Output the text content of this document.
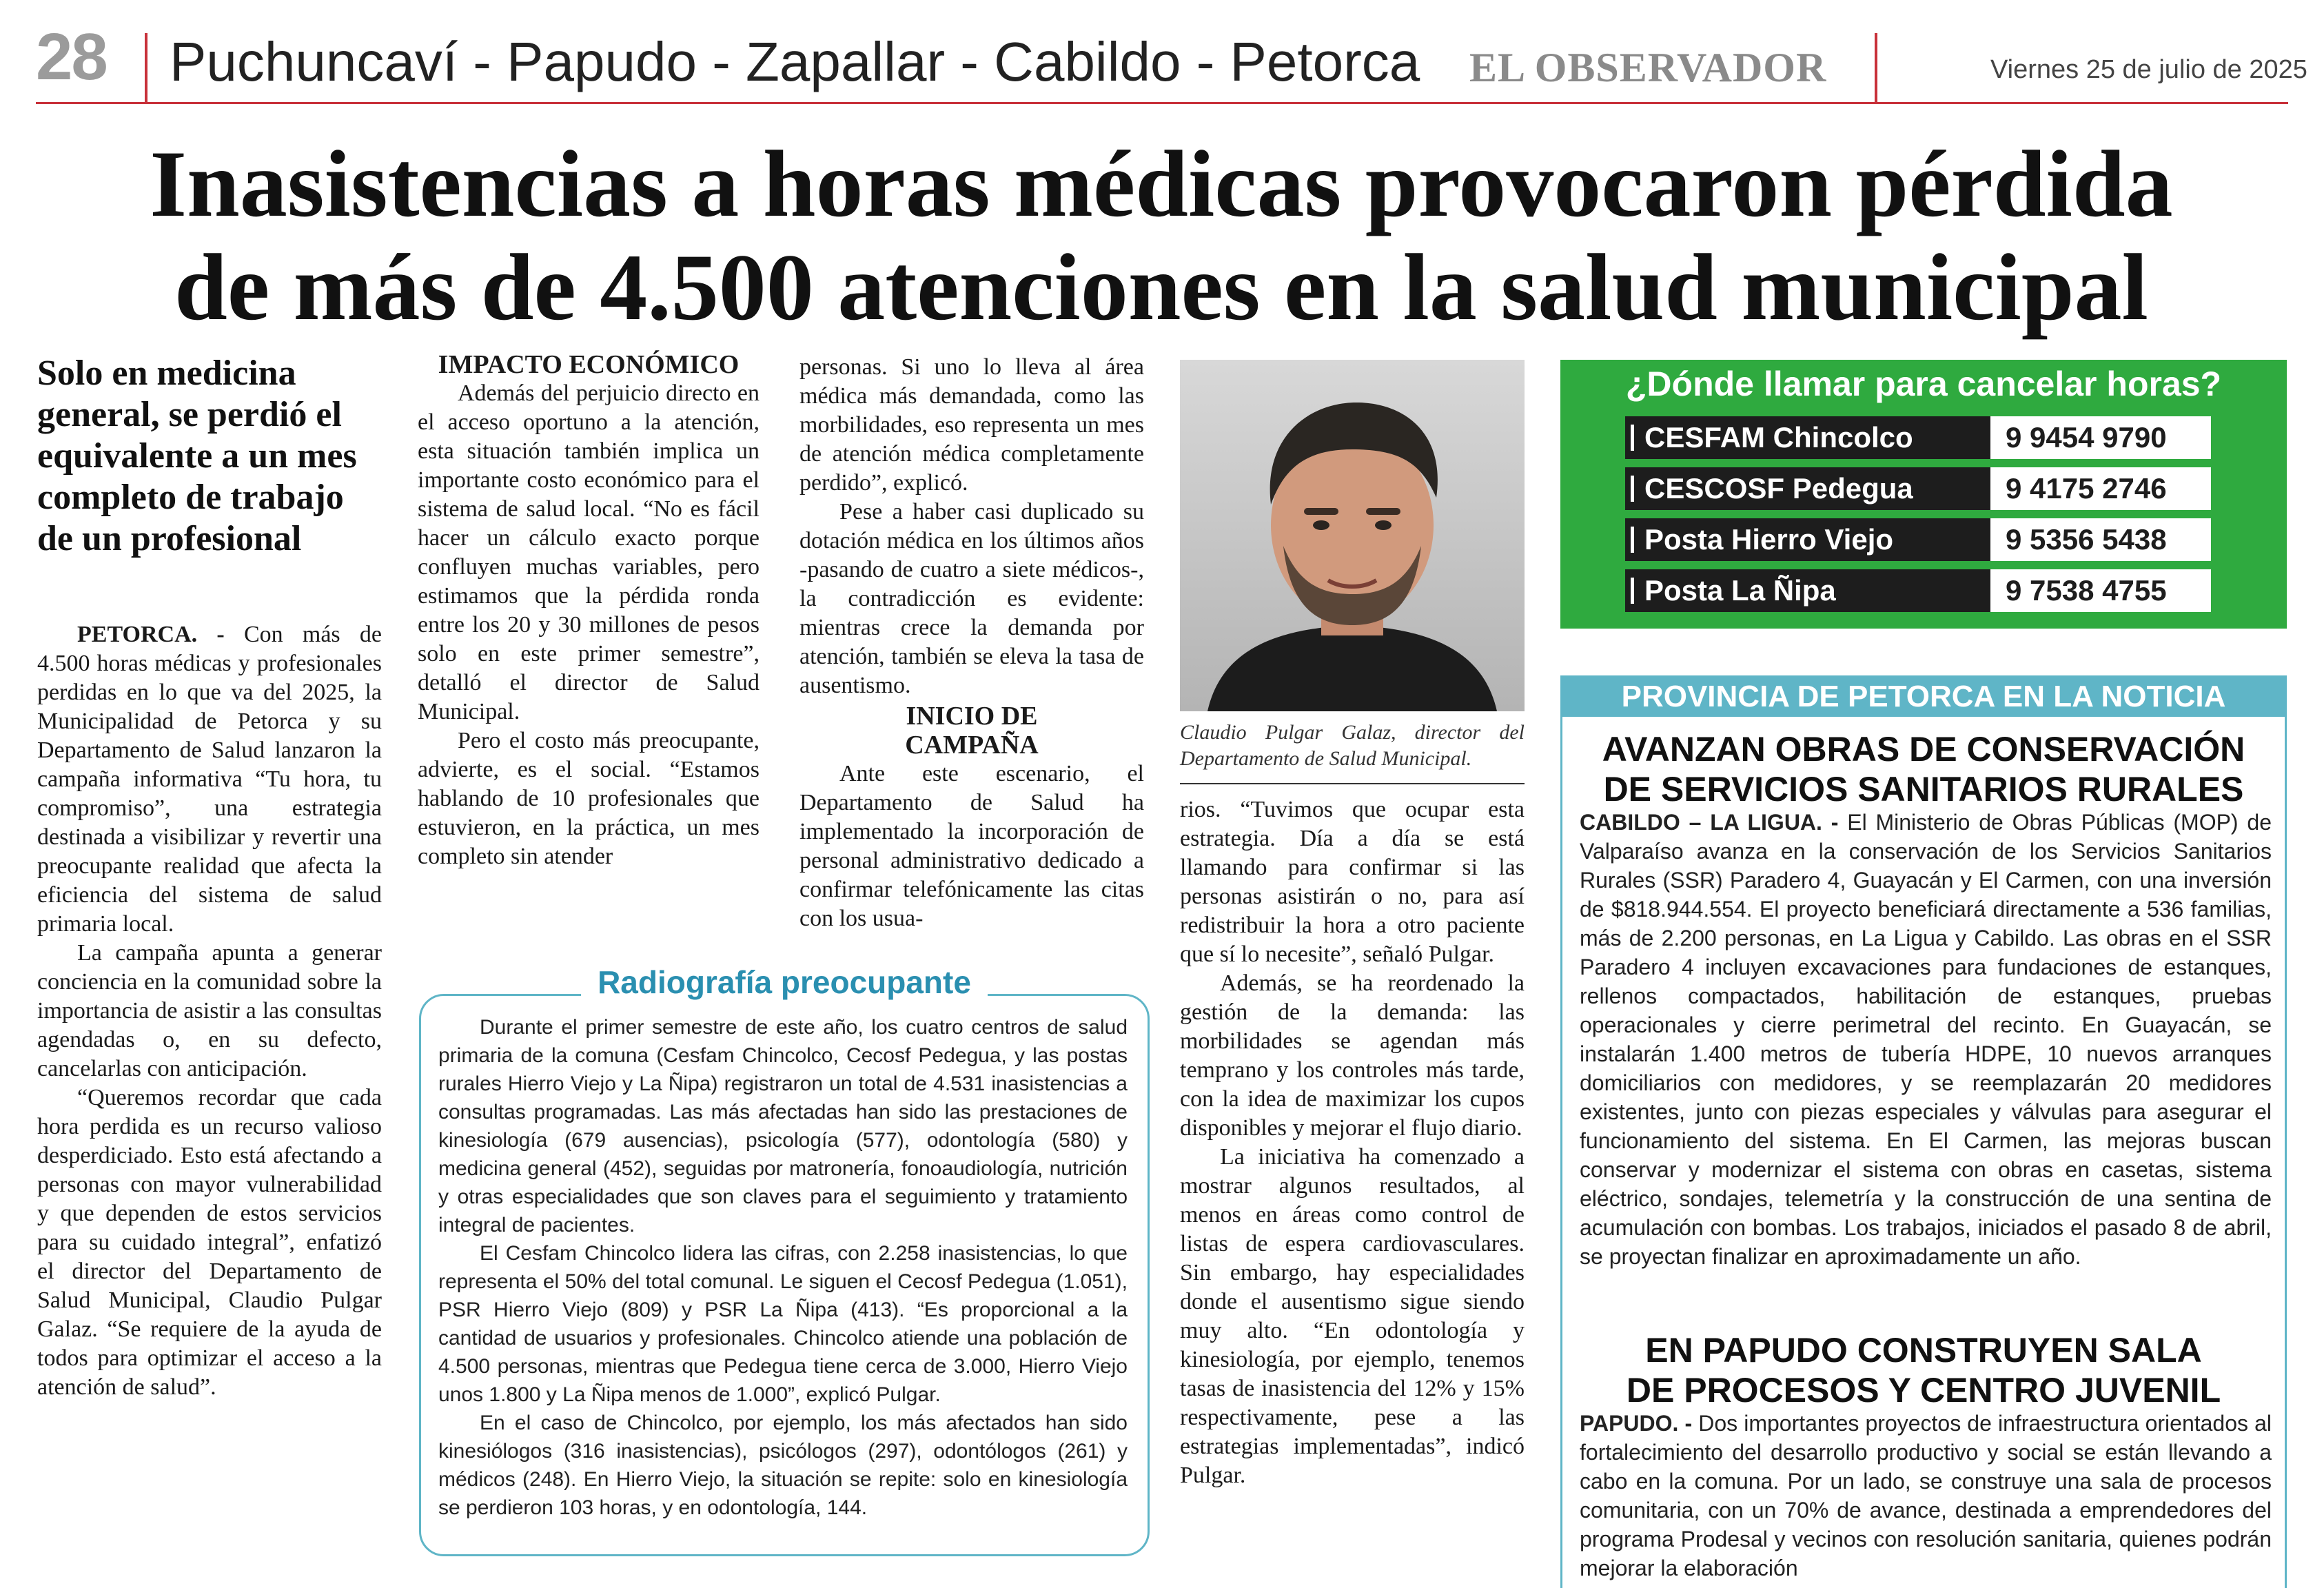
28 Puchuncaví - Papudo - Zapallar - Cabildo - Petorca EL OBSERVADOR	Viernes 25 de julio de 2025
Inasistencias a horas médicas provocaron pérdida
de más de 4.500 atenciones en la salud municipal
Solo en medicina general, se perdió el equivalente a un mes completo de trabajo de un profesional

PETORCA. - Con más de 4.500 horas médicas y profesionales perdidas en lo que va del 2025, la Municipalidad de Petorca y su Departamento de Salud lanzaron la campaña informativa “Tu hora, tu compromiso”, una estrategia destinada a visibilizar y revertir una preocupante realidad que afecta la eficiencia del sistema de salud primaria local.

La campaña apunta a generar conciencia en la comunidad sobre la importancia de asistir a las consultas agendadas o, en su defecto, cancelarlas con anticipación.

“Queremos recordar que cada hora perdida es un recurso valioso desperdiciado. Esto está afectando a personas con mayor vulnerabilidad y que dependen de estos servicios para su cuidado integral”, enfatizó el director del Departamento de Salud Municipal, Claudio Pulgar Galaz. “Se requiere de la ayuda de todos para optimizar el acceso a la atención de salud”.

IMPACTO ECONÓMICO

Además del perjuicio directo en el acceso oportuno a la atención, esta situación también implica un importante costo económico para el sistema de salud local. “No es fácil hacer un cálculo exacto porque confluyen muchas variables, pero estimamos que la pérdida ronda entre los 20 y 30 millones de pesos solo en este primer semestre”, detalló el director de Salud Municipal.

Pero el costo más preocupante, advierte, es el social. “Estamos hablando de 10 profesionales que estuvieron, en la práctica, un mes completo sin atender

personas. Si uno lo lleva al área médica más demandada, como las morbilidades, eso representa un mes de atención médica completamente perdido”, explicó.

Pese a haber casi duplicado su dotación médica en los últimos años -pasando de cuatro a siete médicos-, la contradicción es evidente: mientras crece la demanda por atención, también se eleva la tasa de ausentismo.

INICIO DE CAMPAÑA

Ante este escenario, el Departamento de Salud ha implementado la incorporación de personal administrativo dedicado a confirmar telefónicamente las citas con los usua-

Claudio Pulgar Galaz, director del Departamento de Salud Municipal.

rios. “Tuvimos que ocupar esta estrategia. Día a día se está llamando para confirmar si las personas asistirán o no, para así redistribuir la hora a otro paciente que sí lo necesite”, señaló Pulgar.

Además, se ha reordenado la gestión de la demanda: las morbilidades se agendan más temprano y los controles más tarde, con la idea de maximizar los cupos disponibles y mejorar el flujo diario.

La iniciativa ha comenzado a mostrar algunos resultados, al menos en áreas como control de listas de espera cardiovasculares. Sin embargo, hay especialidades donde el ausentismo sigue siendo muy alto. “En odontología y kinesiología, por ejemplo, tenemos tasas de inasistencia del 12% y 15% respectivamente, pese a las estrategias implementadas”, indicó Pulgar.

Radiografía preocupante

Durante el primer semestre de este año, los cuatro centros de salud primaria de la comuna (Cesfam Chincolco, Cecosf Pedegua, y las postas rurales Hierro Viejo y La Ñipa) registraron un total de 4.531 inasistencias a consultas programadas. Las más afectadas han sido las prestaciones de kinesiología (679 ausencias), psicología (577), odontología (580) y medicina general (452), seguidas por matronería, fonoaudiología, nutrición y otras especialidades que son claves para el seguimiento y tratamiento integral de pacientes.

El Cesfam Chincolco lidera las cifras, con 2.258 inasistencias, lo que representa el 50% del total comunal. Le siguen el Cecosf Pedegua (1.051), PSR Hierro Viejo (809) y PSR La Ñipa (413). “Es proporcional a la cantidad de usuarios y profesionales. Chincolco atiende una población de 4.500 personas, mientras que Pedegua tiene cerca de 3.000, Hierro Viejo unos 1.800 y La Ñipa menos de 1.000”, explicó Pulgar.

En el caso de Chincolco, por ejemplo, los más afectados han sido kinesiólogos (316 inasistencias), psicólogos (297), odontólogos (261) y médicos (248). En Hierro Viejo, la situación se repite: solo en kinesiología se perdieron 103 horas, y en odontología, 144.

¿Dónde llamar para cancelar horas?
CESFAM Chincolco	9 9454 9790
CESCOSF Pedegua	9 4175 2746
Posta Hierro Viejo	9 5356 5438
Posta La Ñipa	9 7538 4755
PROVINCIA DE PETORCA EN LA NOTICIA
AVANZAN OBRAS DE CONSERVACIÓN
DE SERVICIOS SANITARIOS RURALES
CABILDO – LA LIGUA. - El Ministerio de Obras Públicas (MOP) de Valparaíso avanza en la conservación de los Servicios Sanitarios Rurales (SSR) Paradero 4, Guayacán y El Carmen, con una inversión de $818.944.554. El proyecto beneficiará directamente a 536 familias, más de 2.200 personas, en La Ligua y Cabildo. Las obras en el SSR Paradero 4 incluyen excavaciones para fundaciones de estanques, rellenos compactados, habilitación de estanques, pruebas operacionales y cierre perimetral del recinto. En Guayacán, se instalarán 1.400 metros de tubería HDPE, 10 nuevos arranques domiciliarios con medidores, y se reemplazarán 20 medidores existentes, junto con piezas especiales y válvulas para asegurar el funcionamiento del sistema. En El Carmen, las mejoras buscan conservar y modernizar el sistema con obras en casetas, sistema eléctrico, sondajes, telemetría y la construcción de una sentina de acumulación con bombas. Los trabajos, iniciados el pasado 8 de abril, se proyectan finalizar en aproximadamente un año.
EN PAPUDO CONSTRUYEN SALA
DE PROCESOS Y CENTRO JUVENIL
PAPUDO. - Dos importantes proyectos de infraestructura orientados al fortalecimiento del desarrollo productivo y social se están llevando a cabo en la comuna. Por un lado, se construye una sala de procesos comunitaria, con un 70% de avance, destinada a emprendedores del programa Prodesal y vecinos con resolución sanitaria, quienes podrán mejorar la elaboración
